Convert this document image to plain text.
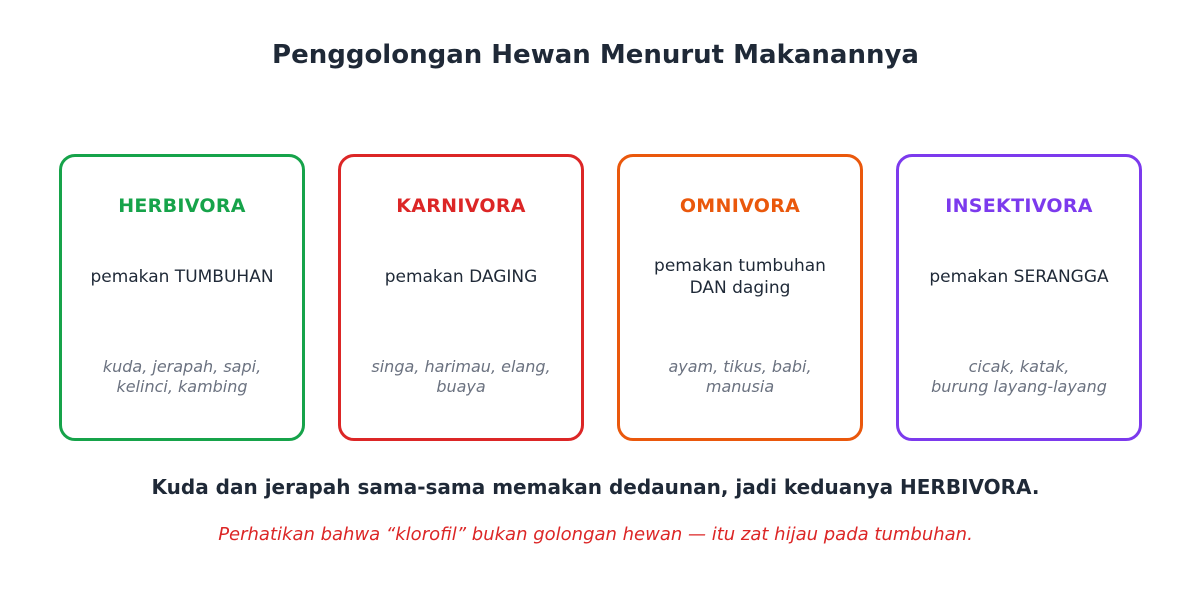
Penggolongan Hewan Menurut Makanannya
HERBIVORA
pemakan TUMBUHAN
kuda, jerapah, sapi,
kelinci, kambing
KARNIVORA
pemakan DAGING
singa, harimau, elang,
buaya
OMNIVORA
pemakan tumbuhan
DAN daging
ayam, tikus, babi,
manusia
INSEKTIVORA
pemakan SERANGGA
cicak, katak,
burung layang-layang
Kuda dan jerapah sama-sama memakan dedaunan, jadi keduanya HERBIVORA.
Perhatikan bahwa “klorofil” bukan golongan hewan — itu zat hijau pada tumbuhan.
